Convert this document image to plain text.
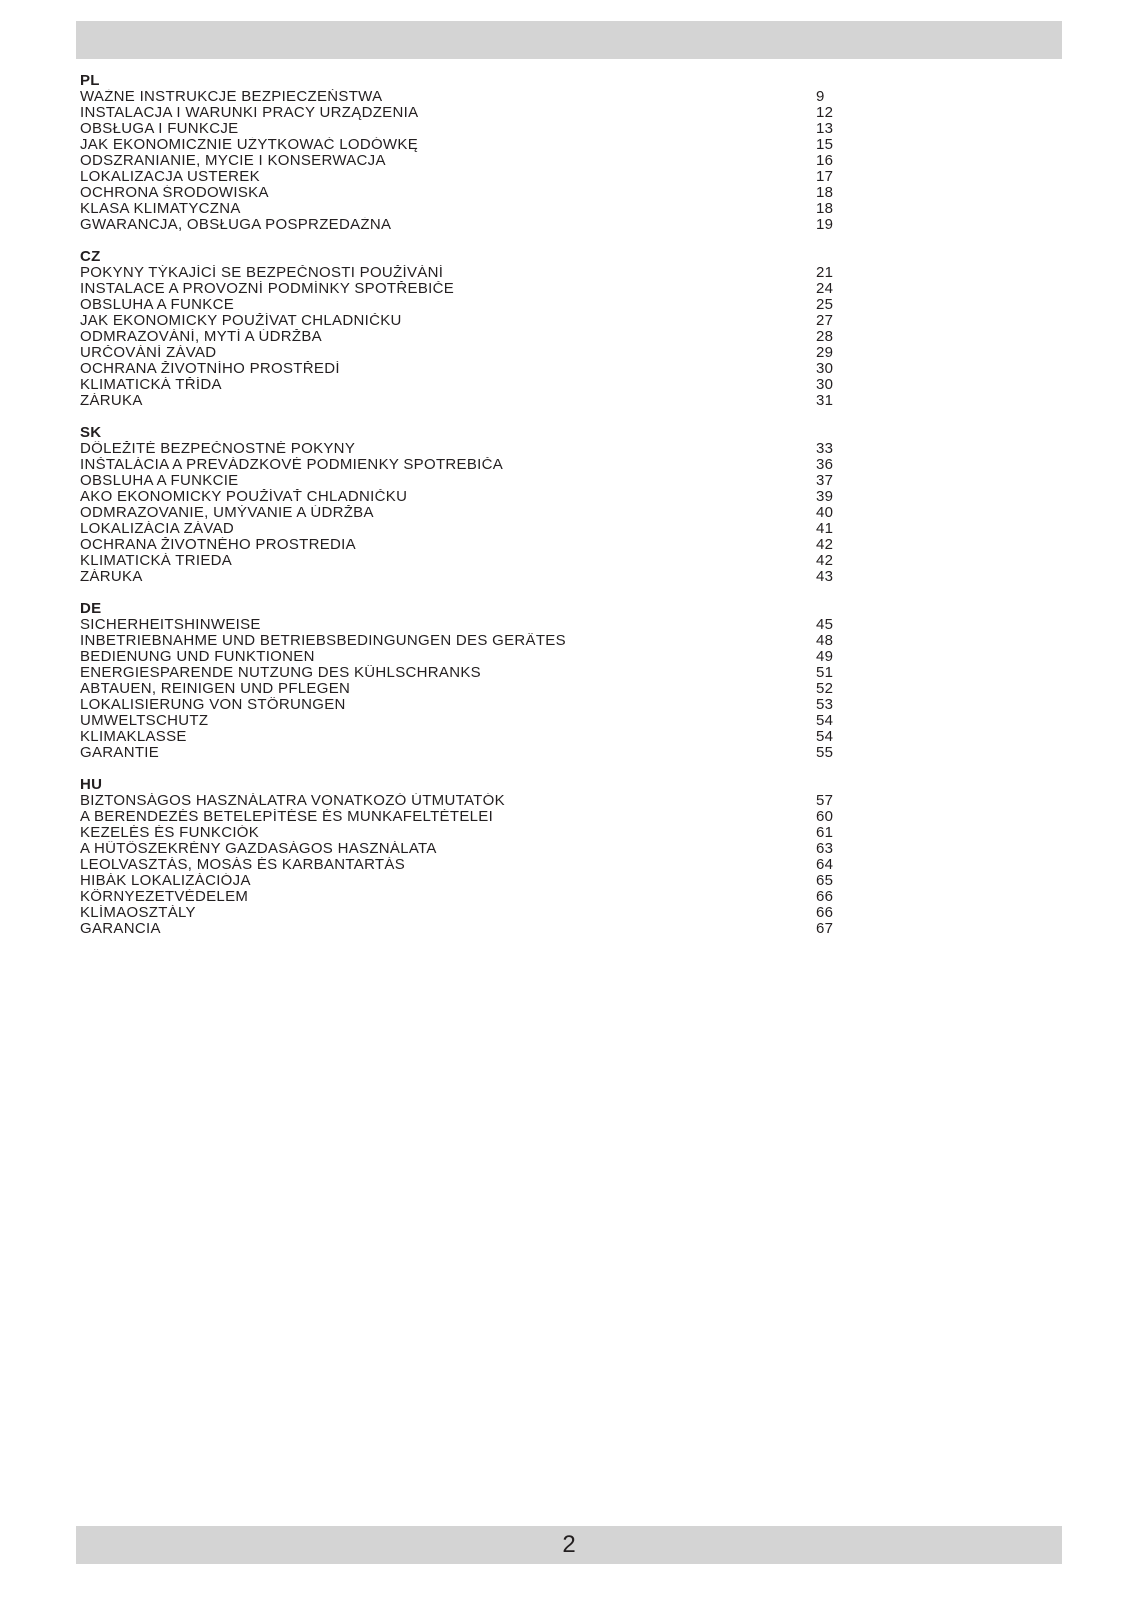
PL
WAŻNE INSTRUKCJE BEZPIECZEŃSTWA	9
INSTALACJA I WARUNKI PRACY URZĄDZENIA	12
OBSŁUGA I FUNKCJE	13
JAK EKONOMICZNIE UŻYTKOWAĆ LODÓWKĘ	15
ODSZRANIANIE, MYCIE I KONSERWACJA	16
LOKALIZACJA USTEREK	17
OCHRONA ŚRODOWISKA	18
KLASA KLIMATYCZNA	18
GWARANCJA, OBSŁUGA POSPRZEDAŻNA	19
CZ
POKYNY TÝKAJÍCÍ SE BEZPEČNOSTI POUŽÍVÁNÍ	21
INSTALACE A PROVOZNÍ PODMÍNKY SPOTŘEBIČE	24
OBSLUHA A FUNKCE	25
JAK EKONOMICKY POUŽÍVAT CHLADNIČKU	27
ODMRAZOVÁNÍ, MYTÍ A ÚDRŽBA	28
URČOVÁNÍ ZÁVAD	29
OCHRANA ŽIVOTNÍHO PROSTŘEDÍ	30
KLIMATICKÁ TŘÍDA	30
ZÁRUKA	31
SK
DÔLEŽITÉ BEZPEČNOSTNÉ POKYNY	33
INŠTALÁCIA A PREVÁDZKOVÉ PODMIENKY SPOTREBIČA	36
OBSLUHA A FUNKCIE	37
AKO EKONOMICKY POUŽÍVAŤ CHLADNIČKU	39
ODMRAZOVANIE, UMÝVANIE A ÚDRŽBA	40
LOKALIZÁCIA ZÁVAD	41
OCHRANA ŽIVOTNÉHO PROSTREDIA	42
KLIMATICKÁ TRIEDA	42
ZÁRUKA	43
DE
SICHERHEITSHINWEISE	45
INBETRIEBNAHME UND BETRIEBSBEDINGUNGEN DES GERÄTES	48
BEDIENUNG UND FUNKTIONEN	49
ENERGIESPARENDE NUTZUNG DES KÜHLSCHRANKS	51
ABTAUEN, REINIGEN UND PFLEGEN	52
LOKALISIERUNG VON STÖRUNGEN	53
UMWELTSCHUTZ	54
KLIMAKLASSE	54
GARANTIE	55
HU
BIZTONSÁGOS HASZNÁLATRA VONATKOZÓ ÚTMUTATÓK	57
A BERENDEZÉS BETELEPÍTÉSE ÉS MUNKAFELTÉTELEI	60
KEZELÉS ÉS FUNKCIÓK	61
A HŰTŐSZEKRÉNY GAZDASÁGOS HASZNÁLATA	63
LEOLVASZTÁS, MOSÁS ÉS KARBANTARTÁS	64
HIBÁK LOKALIZÁCIÓJA	65
KÖRNYEZETVÉDELEM	66
KLÍMAOSZTÁLY	66
GARANCIA	67
2
